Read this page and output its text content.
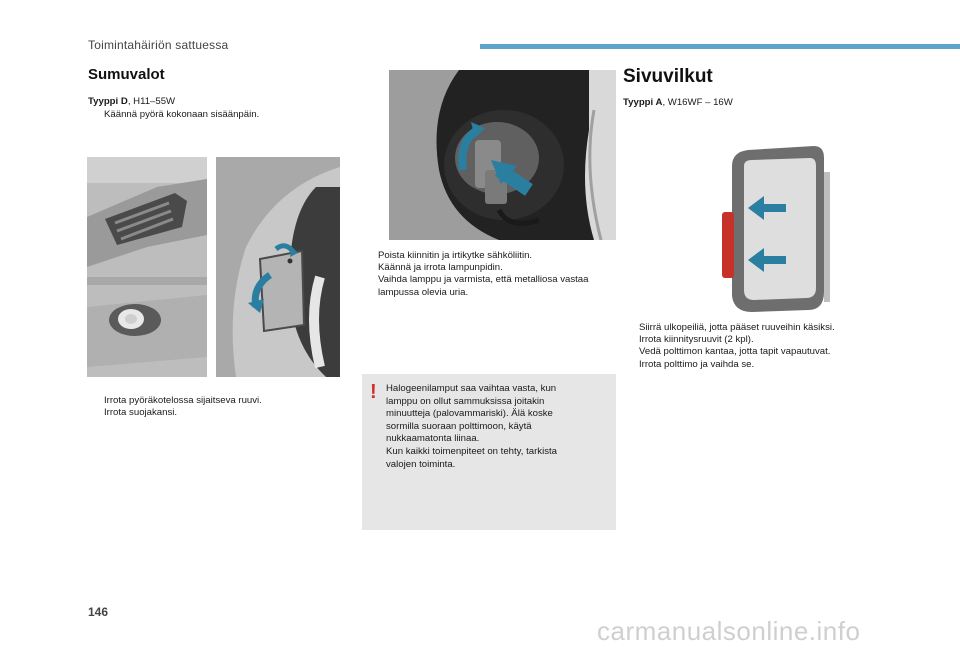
Toimintahäiriön sattuessa
Sumuvalot
Tyyppi D, H11–55W
Käännä pyörä kokonaan sisäänpäin.
Irrota pyöräkotelossa sijaitseva ruuvi.
Irrota suojakansi.
Poista kiinnitin ja irtikytke sähköliitin.
Käännä ja irrota lampunpidin.
Vaihda lamppu ja varmista, että metalliosa vastaa lampussa olevia uria.
! Halogeenilamput saa vaihtaa vasta, kun
lamppu on ollut sammuksissa joitakin
minuutteja (palovammariski). Älä koske
sormilla suoraan polttimoon, käytä
nukkaamatonta liinaa.
Kun kaikki toimenpiteet on tehty, tarkista
valojen toiminta.
Sivuvilkut
Tyyppi A, W16WF – 16W
Siirrä ulkopeiliä, jotta pääset ruuveihin käsiksi.
Irrota kiinnitysruuvit (2 kpl).
Vedä polttimon kantaa, jotta tapit vapautuvat.
Irrota polttimo ja vaihda se.
146
carmanualsonline.info
